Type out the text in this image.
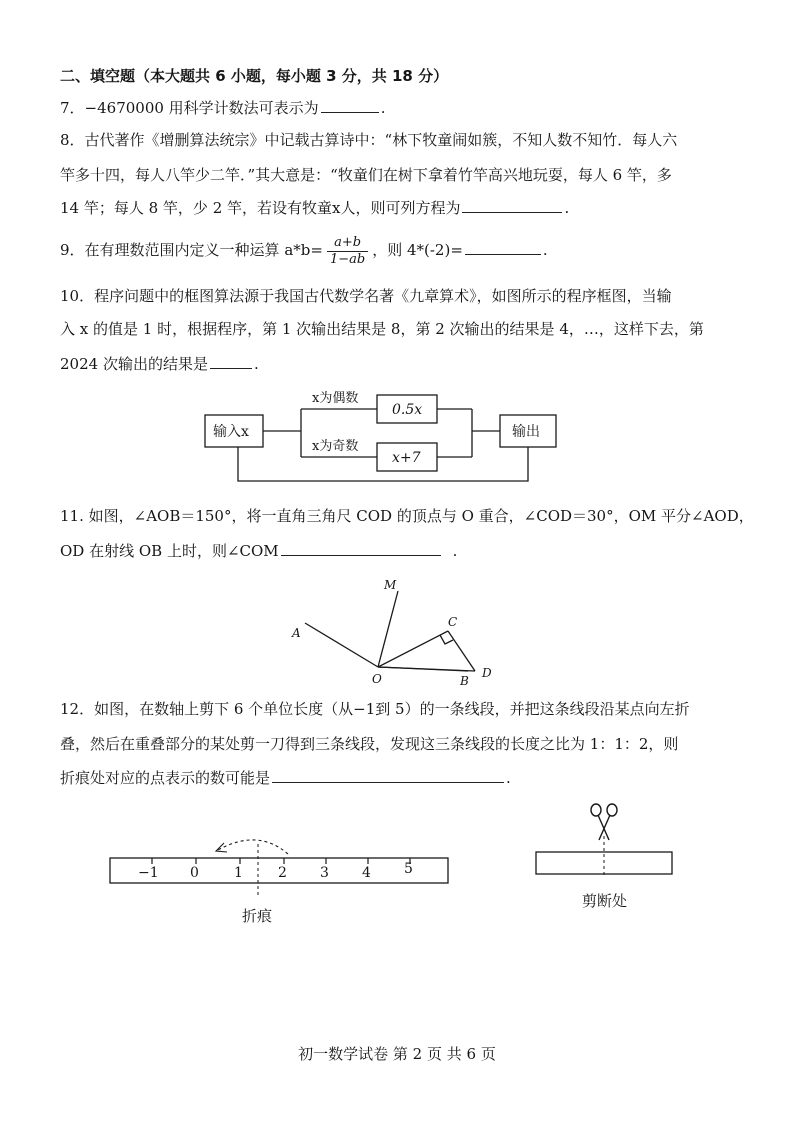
二、填空题（本大题共 6 小题，每小题 3 分，共 18 分）
7．−4670000 用科学计数法可表示为	.
8．古代著作《增删算法统宗》中记载古算诗中：“林下牧童闹如簇，不知人数不知竹．每人六
竿多十四，每人八竿少二竿．”其大意是：“牧童们在树下拿着竹竿高兴地玩耍，每人 6 竿，多
14 竿；每人 8 竿，少 2 竿，若设有牧童x人，则可列方程为	.
9．在有理数范围内定义一种运算 $a*b= \frac{a+b}{1-ab}$ ，则 4*(-2)=	.
10．程序问题中的框图算法源于我国古代数学名著《九章算术》，如图所示的程序框图，当输
入 x 的值是 1 时，根据程序，第 1 次输出结果是 8，第 2 次输出的结果是 4，…，这样下去，第
2024 次输出的结果是	.
输入x
x为偶数
x为奇数
0.5x
x+7
输出
11. 如图，∠AOB＝150°，将一直角三角尺 COD 的顶点与 O 重合，∠COD＝30°，OM 平分∠AOD，
OD 在射线 OB 上时，则∠COM	.
M
A
C
O	B
D
12．如图，在数轴上剪下 6 个单位长度（从−1到 5）的一条线段，并把这条线段沿某点向左折
叠，然后在重叠部分的某处剪一刀得到三条线段，发现这三条线段的长度之比为 1：1：2，则
折痕处对应的点表示的数可能是	.
−1 0	1	2 3 4 5
折痕
剪断处
初一数学试卷 第 2 页 共 6 页
